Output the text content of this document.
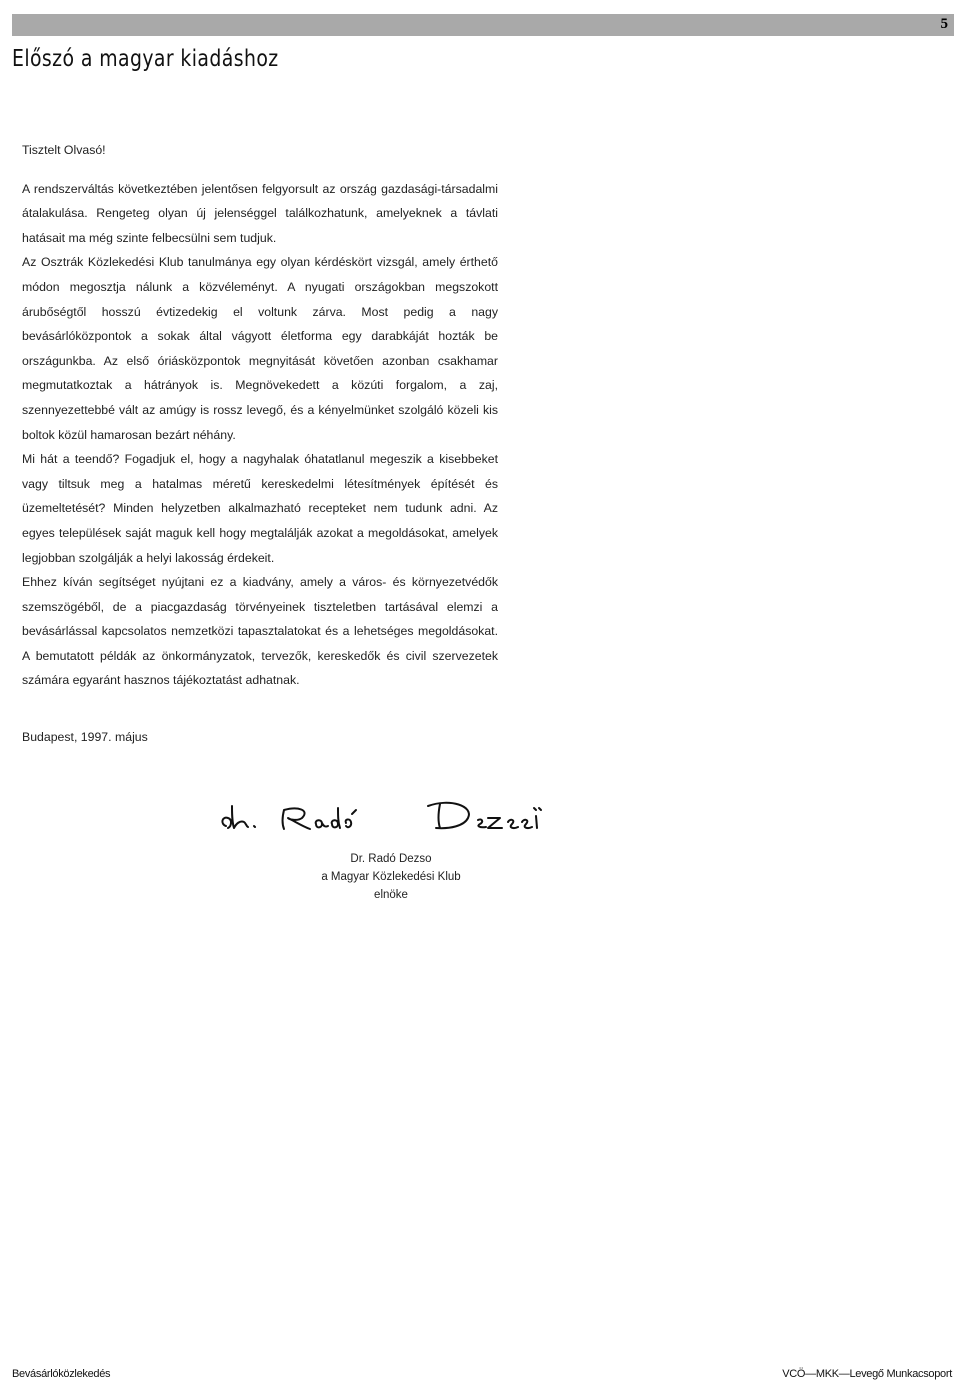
5
Előszó a magyar kiadáshoz

Tisztelt Olvasó!

A rendszerváltás következtében jelentősen felgyorsult az ország gazdasági-társadalmi átalakulása. Rengeteg olyan új jelenséggel találkozhatunk, amelyeknek a távlati hatásait ma még szinte felbecsülni sem tudjuk.

Az Osztrák Közlekedési Klub tanulmánya egy olyan kérdéskört vizsgál, amely érthető módon megosztja nálunk a közvéleményt. A nyugati országokban megszokott árubőségtől hosszú évtizedekig el voltunk zárva. Most pedig a nagy bevásárlóközpontok a sokak által vágyott életforma egy darabkáját hozták be országunkba. Az első óriásközpontok megnyitását követően azonban csakhamar megmutatkoztak a hátrányok is. Megnövekedett a közúti forgalom, a zaj, szennyezettebbé vált az amúgy is rossz levegő, és a kényelmünket szolgáló közeli kis boltok közül hamarosan bezárt néhány.

Mi hát a teendő? Fogadjuk el, hogy a nagyhalak óhatatlanul megeszik a kisebbeket vagy tiltsuk meg a hatalmas méretű kereskedelmi létesítmények építését és üzemeltetését? Minden helyzetben alkalmazható recepteket nem tudunk adni. Az egyes települések saját maguk kell hogy megtalálják azokat a megoldásokat, amelyek legjobban szolgálják a helyi lakosság érdekeit.

Ehhez kíván segítséget nyújtani ez a kiadvány, amely a város- és környezetvédők szemszögéből, de a piacgazdaság törvényeinek tiszteletben tartásával elemzi a bevásárlással kapcsolatos nemzetközi tapasztalatokat és a lehetséges megoldásokat. A bemutatott példák az önkormányzatok, tervezők, kereskedők és civil szervezetek számára egyaránt hasznos tájékoztatást adhatnak.

Budapest, 1997. május

Dr. Radó Dezso
a Magyar Közlekedési Klub
elnöke
Bevásárlóközlekedés	VCÖ—MKK—Levegő Munkacsoport
